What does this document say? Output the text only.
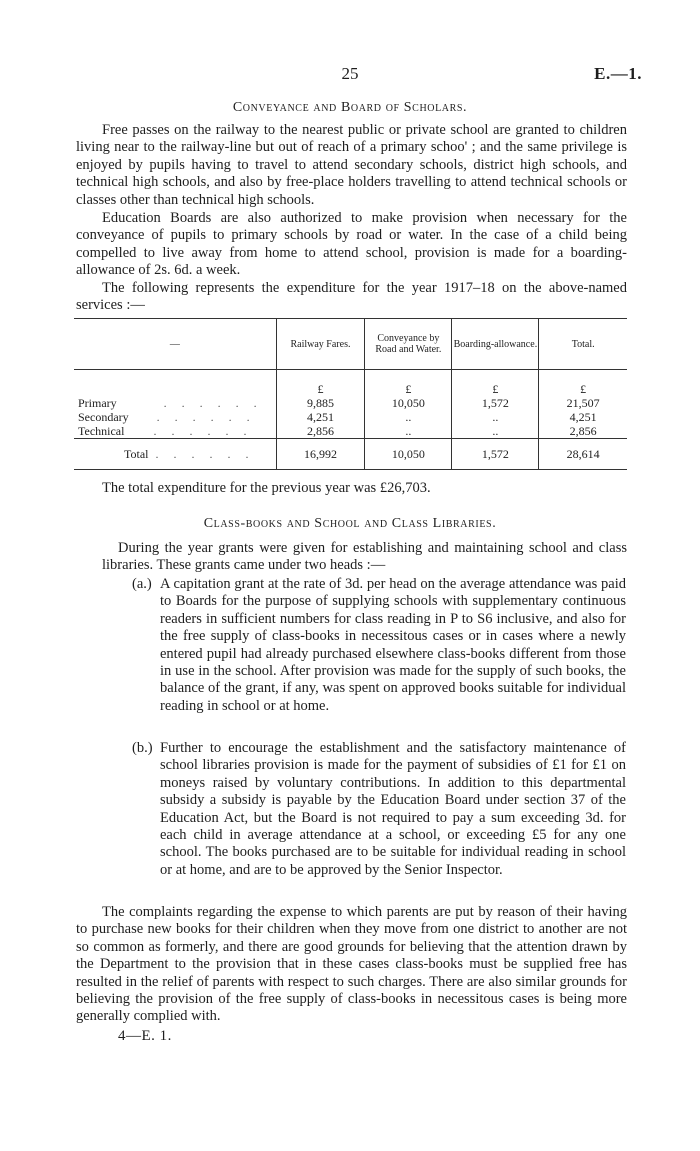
25	E.—1.
Conveyance and Board of Scholars.

Free passes on the railway to the nearest public or private school are granted to children living near to the railway-line but out of reach of a primary schoo' ; and the same privilege is enjoyed by pupils having to travel to attend secondary schools, district high schools, and technical high schools, and also by free-place holders travelling to attend technical schools or classes other than technical high schools.

Education Boards are also authorized to make provision when necessary for the conveyance of pupils to primary schools by road or water. In the case of a child being compelled to live away from home to attend school, provision is made for a boarding-allowance of 2s. 6d. a week.

The following represents the expenditure for the year 1917–18 on the above-named services :—

—	Railway Fares.	Conveyance by Road and Water.	Boarding-allowance.	Total.
	£	£	£	£
Primary . . . . . .	9,885	10,050	1,572	21,507
Secondary . . . . . .	4,251	..	..	4,251
Technical . . . . . .	2,856	..	..	2,856
Total . . . . . .	16,992	10,050	1,572	28,614

The total expenditure for the previous year was £26,703.

Class-books and School and Class Libraries.

During the year grants were given for establishing and maintaining school and class libraries. These grants came under two heads :—

(a.) A capitation grant at the rate of 3d. per head on the average attendance was paid to Boards for the purpose of supplying schools with supplementary continuous readers in sufficient numbers for class reading in P to S6 inclusive, and also for the free supply of class-books in necessitous cases or in cases where a newly entered pupil had already purchased elsewhere class-books different from those in use in the school. After provision was made for the supply of such books, the balance of the grant, if any, was spent on approved books suitable for individual reading in school or at home.
(b.) Further to encourage the establishment and the satisfactory maintenance of school libraries provision is made for the payment of subsidies of £1 for £1 on moneys raised by voluntary contributions. In addition to this departmental subsidy a subsidy is payable by the Education Board under section 37 of the Education Act, but the Board is not required to pay a sum exceeding 3d. for each child in average attendance at a school, or exceeding £5 for any one school. The books purchased are to be suitable for individual reading in school or at home, and are to be approved by the Senior Inspector.

The complaints regarding the expense to which parents are put by reason of their having to purchase new books for their children when they move from one district to another are not so common as formerly, and there are good grounds for believing that the attention drawn by the Department to the provision that in these cases class-books must be supplied free has resulted in the relief of parents with respect to such charges. There are also similar grounds for believing the provision of the free supply of class-books in necessitous cases is being more generally complied with.

4—E. 1.
